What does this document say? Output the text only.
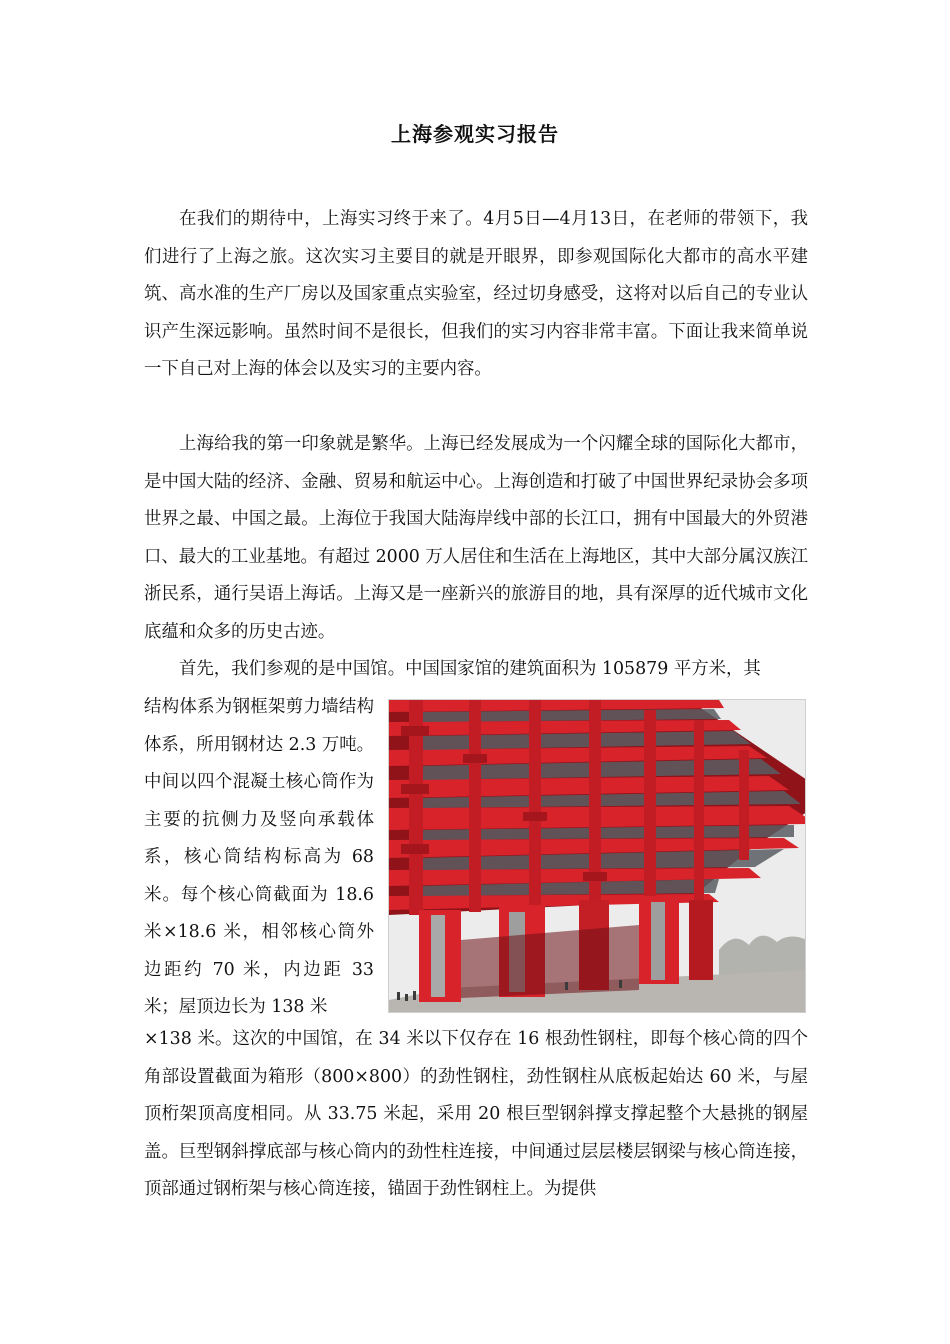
上海参观实习报告

在我们的期待中，上海实习终于来了。4月5日—4月13日，在老师的带领下，我们进行了上海之旅。这次实习主要目的就是开眼界，即参观国际化大都市的高水平建筑、高水准的生产厂房以及国家重点实验室，经过切身感受，这将对以后自己的专业认识产生深远影响。虽然时间不是很长，但我们的实习内容非常丰富。下面让我来简单说一下自己对上海的体会以及实习的主要内容。

上海给我的第一印象就是繁华。上海已经发展成为一个闪耀全球的国际化大都市，是中国大陆的经济、金融、贸易和航运中心。上海创造和打破了中国世界纪录协会多项世界之最、中国之最。上海位于我国大陆海岸线中部的长江口，拥有中国最大的外贸港口、最大的工业基地。有超过 2000 万人居住和生活在上海地区，其中大部分属汉族江浙民系，通行吴语上海话。上海又是一座新兴的旅游目的地，具有深厚的近代城市文化底蕴和众多的历史古迹。

首先，我们参观的是中国馆。中国国家馆的建筑面积为 105879 平方米，其

结构体系为钢框架剪力墙结构体系，所用钢材达 2.3 万吨。中间以四个混凝土核心筒作为主要的抗侧力及竖向承载体系，核心筒结构标高为 68 米。每个核心筒截面为 18.6 米×18.6 米，相邻核心筒外边距约 70 米，内边距 33 米；屋顶边长为 138 米

×138 米。这次的中国馆，在 34 米以下仅存在 16 根劲性钢柱，即每个核心筒的四个角部设置截面为箱形（800×800）的劲性钢柱，劲性钢柱从底板起始达 60 米，与屋顶桁架顶高度相同。从 33.75 米起，采用 20 根巨型钢斜撑支撑起整个大悬挑的钢屋盖。巨型钢斜撑底部与核心筒内的劲性柱连接，中间通过层层楼层钢梁与核心筒连接，顶部通过钢桁架与核心筒连接，锚固于劲性钢柱上。为提供
